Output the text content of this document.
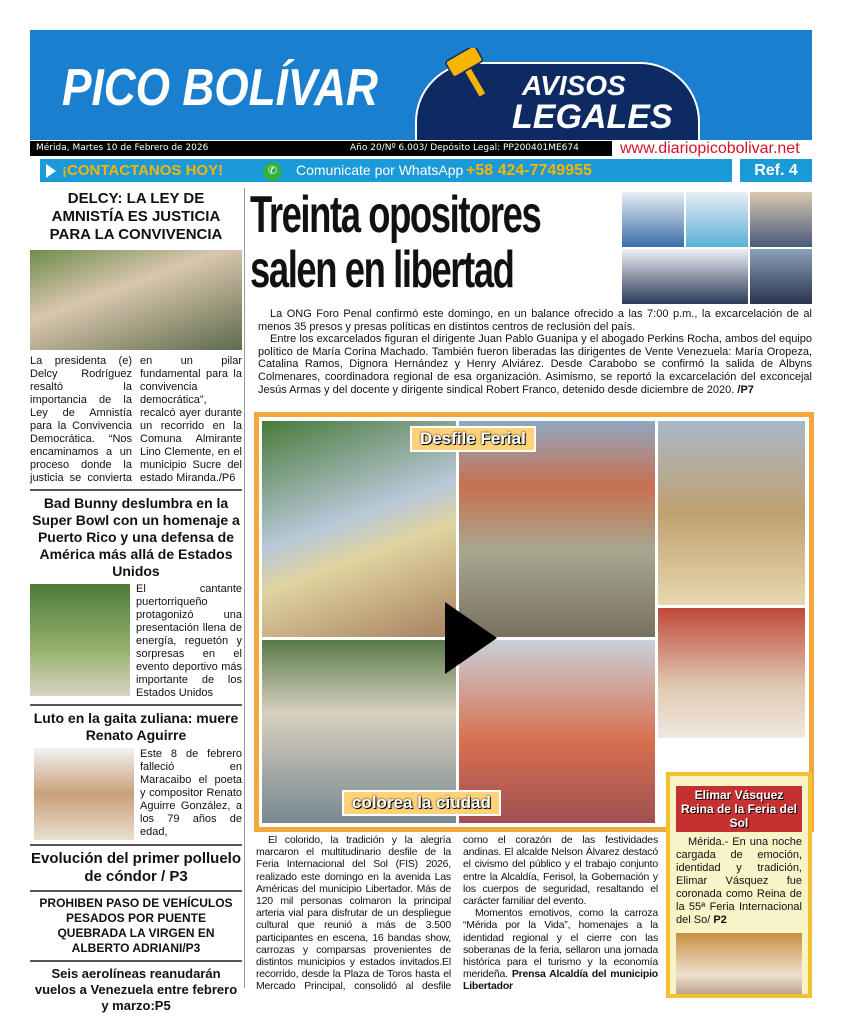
PICO BOLÍVAR	AVISOS
LEGALES
Mérida, Martes 10 de Febrero de 2026	Año 20/Nº 6.003/ Depósito Legal: PP200401ME674	www.diariopicobolivar.net
¡CONTACTANOS HOY!	✆	Comunicate por WhatsApp +58 424-7749955	Ref. 4
DELCY: LA LEY DE AMNISTÍA ES JUSTICIA PARA LA CONVIVENCIA
La presidenta (e) Delcy Rodríguez resaltó la importancia de la Ley de Amnistía para la Convivencia Democrática. “Nos encaminamos a un proceso donde la justicia se convierta en un pilar fundamental para la convivencia democrática”, recalcó ayer durante un recorrido en la Comuna Almirante Lino Clemente, en el municipio Sucre del estado Miranda./P6
Bad Bunny deslumbra en la Super Bowl con un homenaje a Puerto Rico y una defensa de América más allá de Estados Unidos
El cantante puertorriqueño protagonizó una presentación llena de energía, reguetón y sorpresas en el evento deportivo más importante de los Estados Unidos
Luto en la gaita zuliana: muere Renato Aguirre
Este 8 de febrero falleció en Maracaibo el poeta y compositor Renato Aguirre González, a los 79 años de edad,
Evolución del primer polluelo de cóndor / P3
PROHIBEN PASO DE VEHÍCULOS PESADOS POR PUENTE QUEBRADA LA VIRGEN EN ALBERTO ADRIANI/P3
Seis aerolíneas reanudarán vuelos a Venezuela entre febrero y marzo:P5
Treinta opositores salen en libertad
Desfile Ferial
colorea la ciudad

La ONG Foro Penal confirmó este domingo, en un balance ofrecido a las 7:00 p.m., la excarcelación de al menos 35 presos y presas políticas en distintos centros de reclusión del país.

Entre los excarcelados figuran el dirigente Juan Pablo Guanipa y el abogado Perkins Rocha, ambos del equipo político de María Corina Machado. También fueron liberadas las dirigentes de Vente Venezuela: María Oropeza, Catalina Ramos, Dignora Hernández y Henry Alviárez. Desde Carabobo se confirmó la salida de Albyns Colmenares, coordinadora regional de esa organización. Asimismo, se reportó la excarcelación del exconcejal Jesús Armas y del docente y dirigente sindical Robert Franco, detenido desde diciembre de 2020. /P7

Elimar Vásquez Reina de la Feria del Sol
Mérida.- En una noche cargada de emoción, identidad y tradición, Elimar Vásquez fue coronada como Reina de la 55ª Feria Internacional del So/ P2

El colorido, la tradición y la alegría marcaron el multitudinario desfile de la Feria Internacional del Sol (FIS) 2026, realizado este domingo en la avenida Las Américas del municipio Libertador. Más de 120 mil personas colmaron la principal arteria vial para disfrutar de un despliegue cultural que reunió a más de 3.500 participantes en escena, 16 bandas show, carrozas y comparsas provenientes de distintos municipios y estados invitados.El recorrido, desde la Plaza de Toros hasta el Mercado Principal, consolidó al desfile como el corazón de las festividades andinas. El alcalde Nelson Álvarez destacó el civismo del público y el trabajo conjunto entre la Alcaldía, Ferisol, la Gobernación y los cuerpos de seguridad, resaltando el carácter familiar del evento.

Momentos emotivos, como la carroza “Mérida por la Vida”, homenajes a la identidad regional y el cierre con las soberanas de la feria, sellaron una jornada histórica para el turismo y la economía merideña. Prensa Alcaldía del municipio Libertador
